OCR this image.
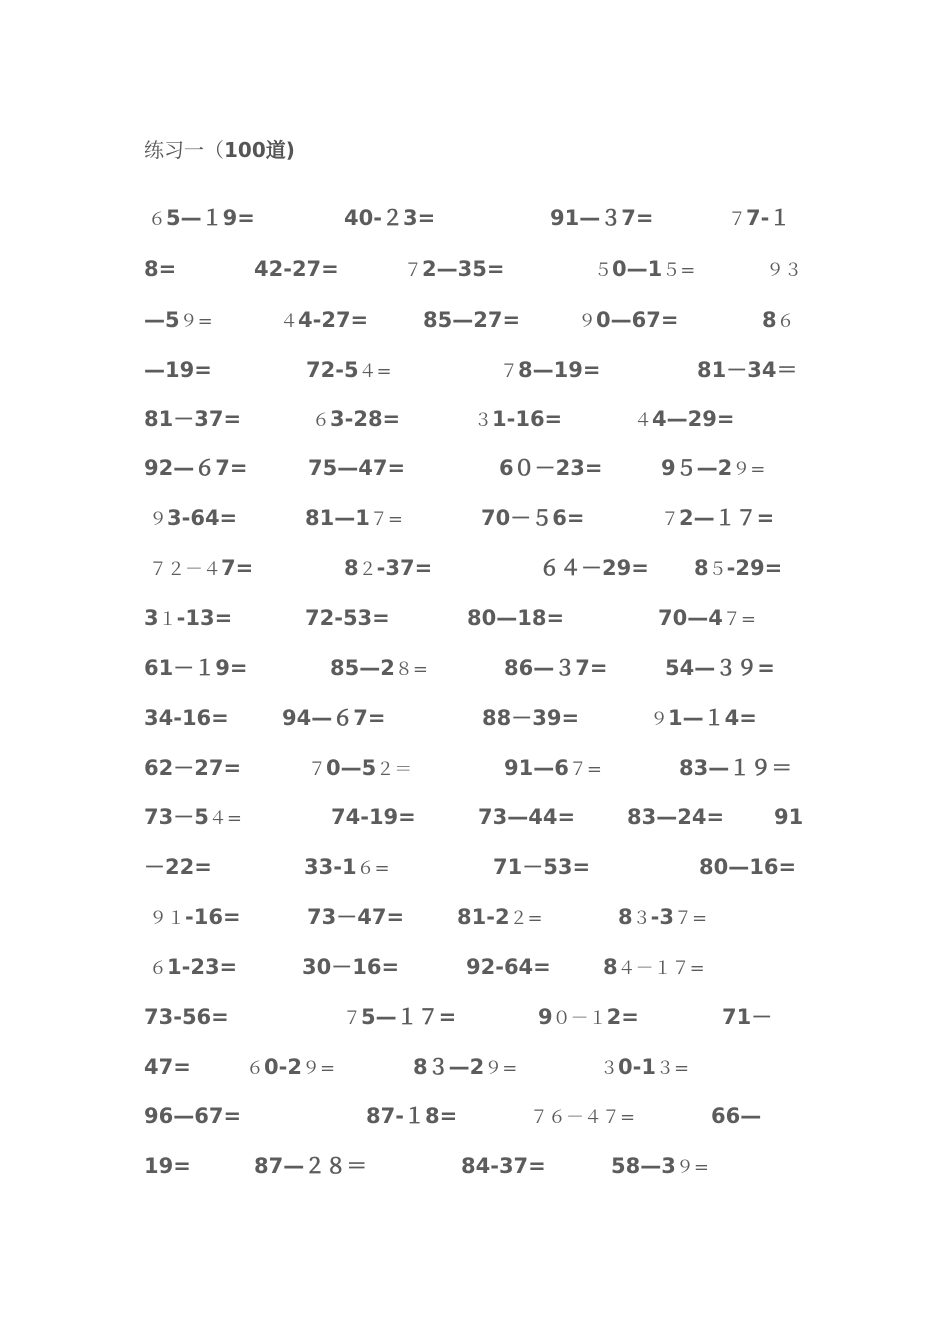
练习一（100道)
６5—１9=	40-２3=	91—３7=	７7-１
8=	42-27=	７2—35=	５0—1５=	９３
—5９=	４4-27=	85—27=	９0—67=	8６
—19=	72-5４=	７8—19=	81－34＝
81－37=	６3-28=	３1-16=	４4—29=
92—６7=	75—47=	6０－23=	9５—2９=
９3-64=	81—1７=	70－５6=	７2—１７=
７２－４7=	8２-37=	６４－29= 8５-29=
3１-13=	72-53=	80—18=	70—4７=
61－１9=	85—2８=	86—３7=	54—３９=
34-16=	94—６7=	88－39=	９1—１4=
62－27=	７0—5２＝	91—6７=	83—１９＝
73－5４=	74-19=	73—44= 83—24= 91
－22=	33-1６=	71－53=	80—16=
９１-16=	73－47=	81-2２=	8３-3７=
６1-23=	30－16=	92-64= 8４－１７=
73-56=	７5—１７=	9０－１2=	71－
47=	６0-2９=	8３—2９=	３0-1３=
96—67=	87-１8=	７６－４７=	66—
19=	87—２８＝	84-37=	58—3９=
